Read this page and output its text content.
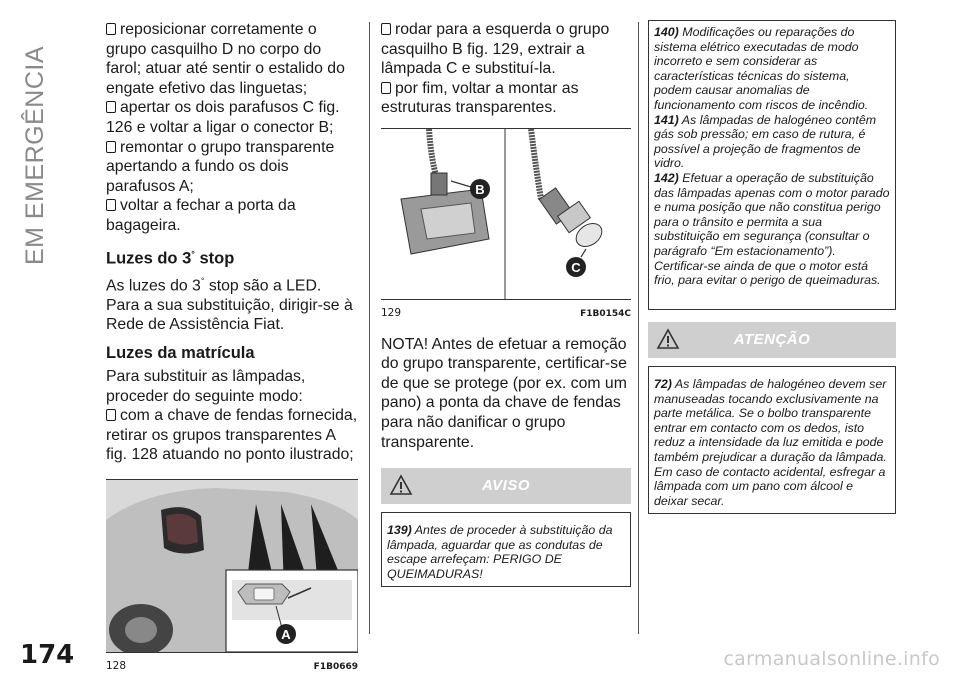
EM EMERGÊNCIA

reposicionar corretamente o grupo casquilho D no corpo do farol; atuar até sentir o estalido do engate efetivo das linguetas;

apertar os dois parafusos C fig. 126 e voltar a ligar o conector B;

remontar o grupo transparente apertando a fundo os dois parafusos A;

voltar a fechar a porta da bagageira.

Luzes do 3° stop

As luzes do 3° stop são a LED. Para a sua substituição, dirigir-se à Rede de Assistência Fiat.

Luzes da matrícula

Para substituir as lâmpadas, proceder do seguinte modo:

com a chave de fendas fornecida, retirar os grupos transparentes A fig. 128 atuando no ponto ilustrado;

A
128	F1B0669

rodar para a esquerda o grupo casquilho B fig. 129, extrair a lâmpada C e substituí-la.

por fim, voltar a montar as estruturas transparentes.

B
C
129	F1B0154C

NOTA! Antes de efetuar a remoção do grupo transparente, certificar-se de que se protege (por ex. com um pano) a ponta da chave de fendas para não danificar o grupo transparente.

AVISO

139) Antes de proceder à substituição da lâmpada, aguardar que as condutas de escape arrefeçam: PERIGO DE QUEIMADURAS!

140) Modificações ou reparações do sistema elétrico executadas de modo incorreto e sem considerar as características técnicas do sistema, podem causar anomalias de funcionamento com riscos de incêndio.

141) As lâmpadas de halogéneo contêm gás sob pressão; em caso de rutura, é possível a projeção de fragmentos de vidro.

142) Efetuar a operação de substituição das lâmpadas apenas com o motor parado e numa posição que não constitua perigo para o trânsito e permita a sua substituição em segurança (consultar o parágrafo “Em estacionamento”). Certificar-se ainda de que o motor está frio, para evitar o perigo de queimaduras.

ATENÇÃO

72) As lâmpadas de halogéneo devem ser manuseadas tocando exclusivamente na parte metálica. Se o bolbo transparente entrar em contacto com os dedos, isto reduz a intensidade da luz emitida e pode também prejudicar a duração da lâmpada. Em caso de contacto acidental, esfregar a lâmpada com um pano com álcool e deixar secar.

174	carmanualsonline.info
